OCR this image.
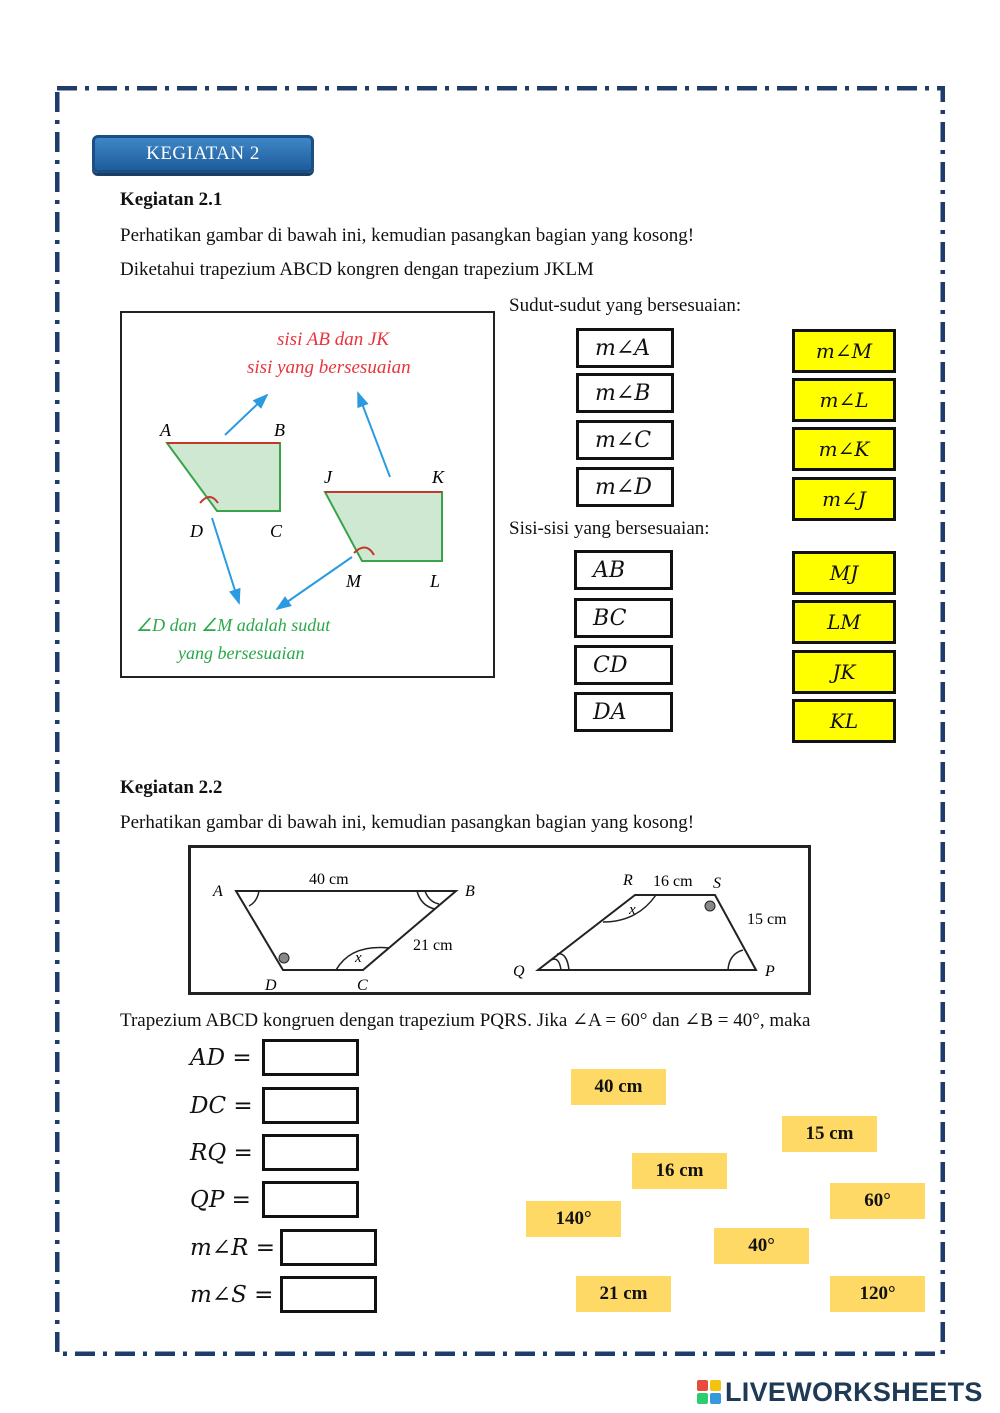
KEGIATAN 2
Kegiatan 2.1
Perhatikan gambar di bawah ini, kemudian pasangkan bagian yang kosong!
Diketahui trapezium ABCD kongren dengan trapezium JKLM
sisi AB dan JK
sisi yang bersesuaian
A	B
C
D
J	K
L
M
∠D dan ∠M adalah sudut
yang bersesuaian
Sudut-sudut yang bersesuaian:
m∠A
m∠B
m∠C
m∠D
m∠M
m∠L
m∠K
m∠J
Sisi-sisi yang bersesuaian:
AB
BC
CD
DA
MJ
LM
JK
KL
Kegiatan 2.2
Perhatikan gambar di bawah ini, kemudian pasangkan bagian yang kosong!
A	B
C
D
x
40 cm
21 cm
Q	P
R	S
x
16 cm
15 cm
Trapezium ABCD kongruen dengan trapezium PQRS. Jika ∠A = 60° dan ∠B = 40°, maka
AD =
DC =
RQ =
QP =
m∠R =
m∠S =
40 cm
15 cm
16 cm
60°
140°
40°
21 cm	120°
LIVEWORKSHEETS
